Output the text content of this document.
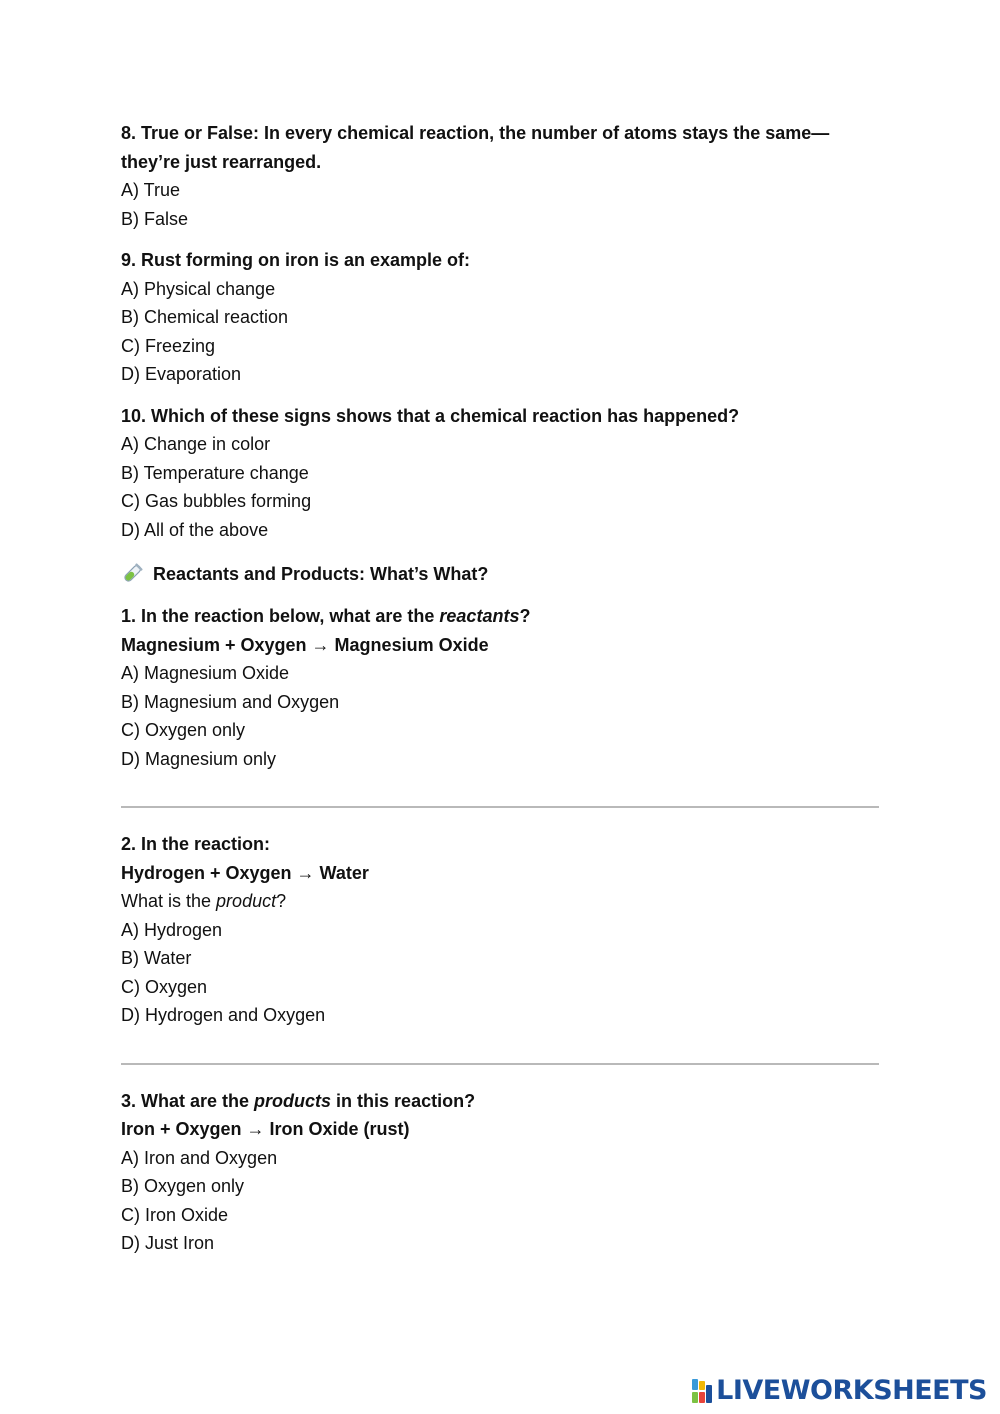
8. True or False: In every chemical reaction, the number of atoms stays the same—they’re just rearranged.
A) True
B) False
9. Rust forming on iron is an example of:
A) Physical change
B) Chemical reaction
C) Freezing
D) Evaporation
10. Which of these signs shows that a chemical reaction has happened?
A) Change in color
B) Temperature change
C) Gas bubbles forming
D) All of the above
Reactants and Products: What’s What?
1. In the reaction below, what are the reactants?
Magnesium + Oxygen → Magnesium Oxide
A) Magnesium Oxide
B) Magnesium and Oxygen
C) Oxygen only
D) Magnesium only
2. In the reaction:
Hydrogen + Oxygen → Water
What is the product?
A) Hydrogen
B) Water
C) Oxygen
D) Hydrogen and Oxygen
3. What are the products in this reaction?
Iron + Oxygen → Iron Oxide (rust)
A) Iron and Oxygen
B) Oxygen only
C) Iron Oxide
D) Just Iron
LIVEWORKSHEETS
